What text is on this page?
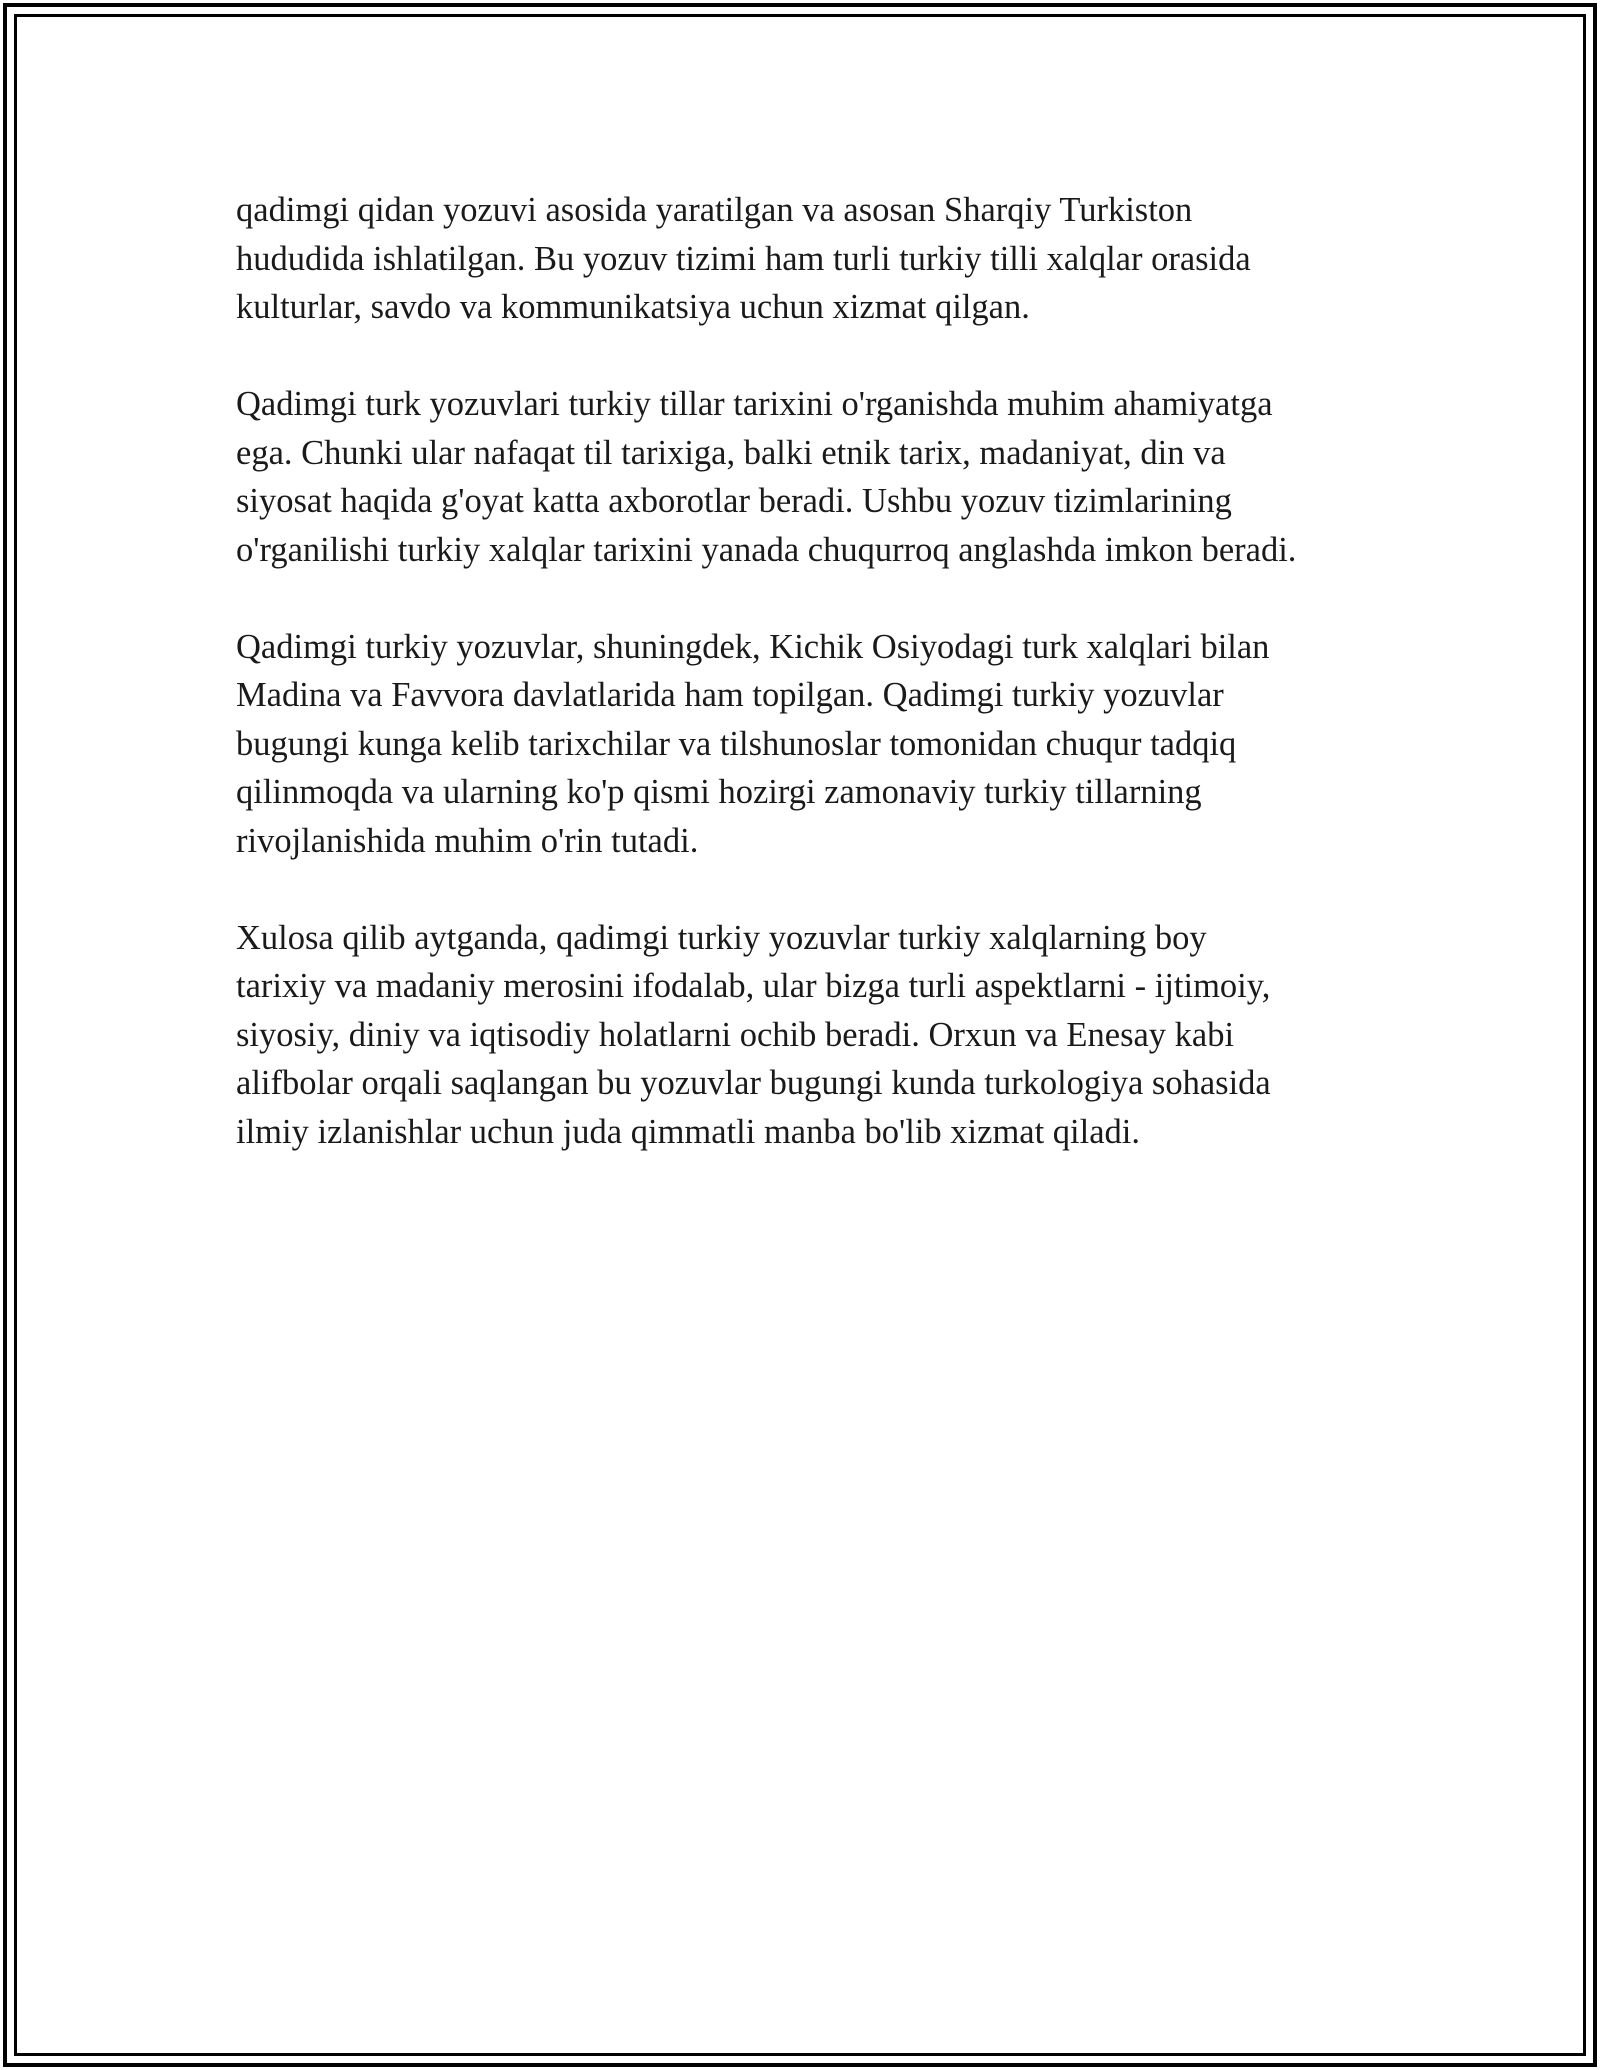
qadimgi qidan yozuvi asosida yaratilgan va asosan Sharqiy Turkiston
hududida ishlatilgan. Bu yozuv tizimi ham turli turkiy tilli xalqlar orasida
kulturlar, savdo va kommunikatsiya uchun xizmat qilgan.

Qadimgi turk yozuvlari turkiy tillar tarixini o'rganishda muhim ahamiyatga
ega. Chunki ular nafaqat til tarixiga, balki etnik tarix, madaniyat, din va
siyosat haqida g'oyat katta axborotlar beradi. Ushbu yozuv tizimlarining
o'rganilishi turkiy xalqlar tarixini yanada chuqurroq anglashda imkon beradi.

Qadimgi turkiy yozuvlar, shuningdek, Kichik Osiyodagi turk xalqlari bilan
Madina va Favvora davlatlarida ham topilgan. Qadimgi turkiy yozuvlar
bugungi kunga kelib tarixchilar va tilshunoslar tomonidan chuqur tadqiq
qilinmoqda va ularning ko'p qismi hozirgi zamonaviy turkiy tillarning
rivojlanishida muhim o'rin tutadi.

Xulosa qilib aytganda, qadimgi turkiy yozuvlar turkiy xalqlarning boy
tarixiy va madaniy merosini ifodalab, ular bizga turli aspektlarni - ijtimoiy,
siyosiy, diniy va iqtisodiy holatlarni ochib beradi. Orxun va Enesay kabi
alifbolar orqali saqlangan bu yozuvlar bugungi kunda turkologiya sohasida
ilmiy izlanishlar uchun juda qimmatli manba bo'lib xizmat qiladi.
